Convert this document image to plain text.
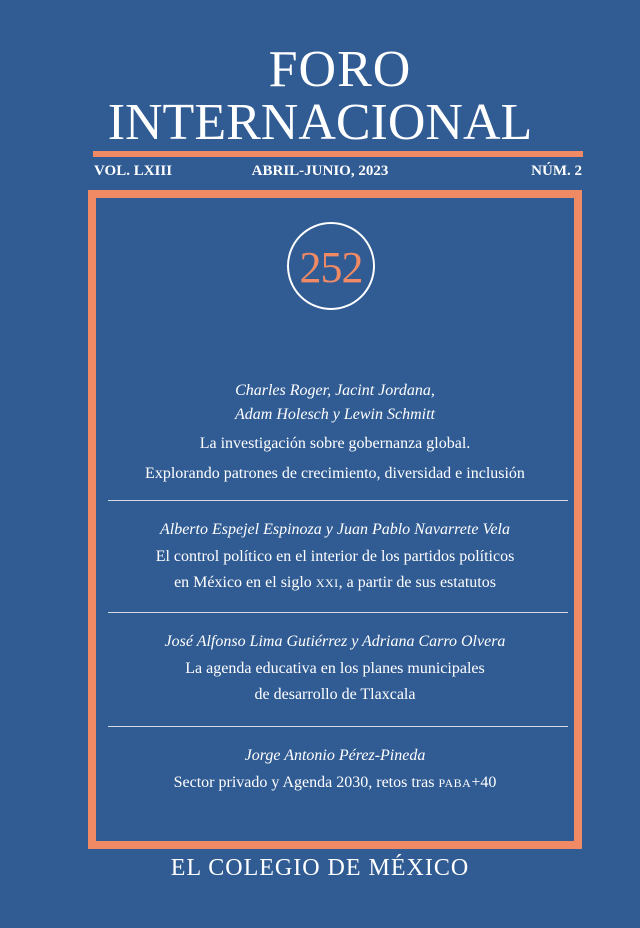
FORO
INTERNACIONAL
VOL. LXIII	ABRIL-JUNIO, 2023	NÚM. 2
252
Charles Roger, Jacint Jordana,
Adam Holesch y Lewin Schmitt
La investigación sobre gobernanza global.
Explorando patrones de crecimiento, diversidad e inclusión
Alberto Espejel Espinoza y Juan Pablo Navarrete Vela
El control político en el interior de los partidos políticos
en México en el siglo XXI, a partir de sus estatutos
José Alfonso Lima Gutiérrez y Adriana Carro Olvera
La agenda educativa en los planes municipales
de desarrollo de Tlaxcala
Jorge Antonio Pérez-Pineda
Sector privado y Agenda 2030, retos tras PABA+40
EL COLEGIO DE MÉXICO
